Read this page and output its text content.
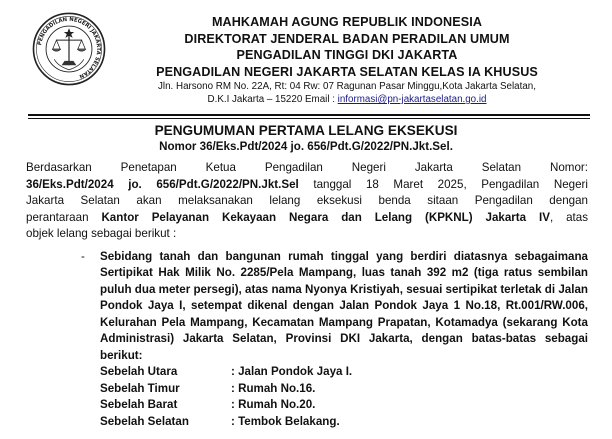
PENGADILAN NEGERI JAKARTA SELATAN
MAHKAMAH AGUNG REPUBLIK INDONESIA
DIREKTORAT JENDERAL BADAN PERADILAN UMUM
PENGADILAN TINGGI DKI JAKARTA
PENGADILAN NEGERI JAKARTA SELATAN KELAS IA KHUSUS
Jln. Harsono RM No. 22A, Rt: 04 Rw: 07 Ragunan Pasar Minggu,Kota Jakarta Selatan,
D.K.I Jakarta – 15220 Email : informasi@pn-jakartaselatan.go.id
PENGUMUMAN PERTAMA LELANG EKSEKUSI
Nomor 36/Eks.Pdt/2024 jo. 656/Pdt.G/2022/PN.Jkt.Sel.

Berdasarkan Penetapan Ketua Pengadilan Negeri Jakarta Selatan Nomor:
36/Eks.Pdt/2024 jo. 656/Pdt.G/2022/PN.Jkt.Sel tanggal 18 Maret 2025, Pengadilan Negeri
Jakarta Selatan akan melaksanakan lelang eksekusi benda sitaan Pengadilan dengan
perantaraan Kantor Pelayanan Kekayaan Negara dan Lelang (KPKNL) Jakarta IV, atas
objek lelang sebagai berikut :

- Sebidang tanah dan bangunan rumah tinggal yang berdiri diatasnya sebagaimana Sertipikat Hak Milik No. 2285/Pela Mampang, luas tanah 392 m2 (tiga ratus sembilan puluh dua meter persegi), atas nama Nyonya Kristiyah, sesuai sertipikat terletak di Jalan Pondok Jaya I, setempat dikenal dengan Jalan Pondok Jaya 1 No.18, Rt.001/RW.006, Kelurahan Pela Mampang, Kecamatan Mampang Prapatan, Kotamadya (sekarang Kota Administrasi) Jakarta Selatan, Provinsi DKI Jakarta, dengan batas-batas sebagai berikut:
Sebelah Utara	: Jalan Pondok Jaya I.
Sebelah Timur	: Rumah No.16.
Sebelah Barat	: Rumah No.20.
Sebelah Selatan	: Tembok Belakang.
